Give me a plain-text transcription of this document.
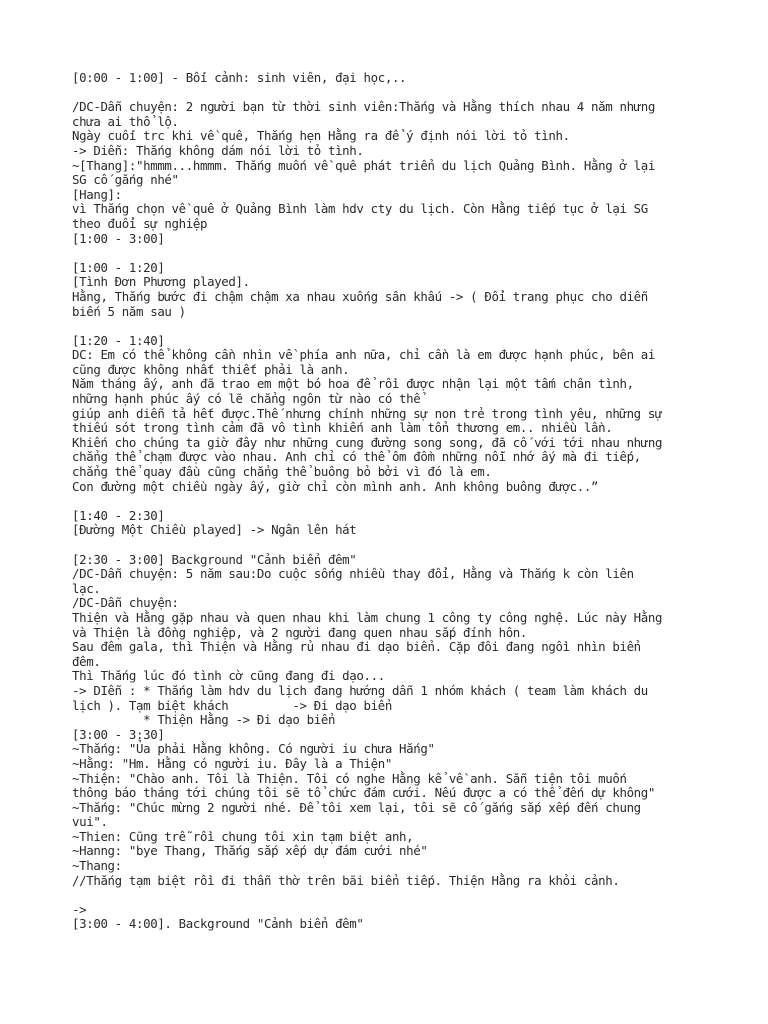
[0:00 - 1:00] - Bối cảnh: sinh viên, đại học,..
/DC-Dẫn chuyện: 2 người bạn từ thời sinh viên:Thắng và Hằng thích nhau 4 năm nhưng
chưa ai thổ lộ.
Ngày cuối trc khi về quê, Thắng hẹn Hằng ra để ý định nói lời tỏ tình.
-> Diễn: Thắng không dám nói lời tỏ tình.
~[Thang]:"hmmm...hmmm. Thắng muốn về quê phát triển du lịch Quảng Bình. Hằng ở lại
SG cố gắng nhé"
[Hang]:
vì Thắng chọn về quê ở Quảng Bình làm hdv cty du lịch. Còn Hằng tiếp tục ở lại SG
theo đuổi sự nghiệp
[1:00 - 3:00]
[1:00 - 1:20]
[Tình Đơn Phương played].
Hằng, Thắng bước đi chậm chậm xa nhau xuống sân khấu -> ( Đổi trang phục cho diễn
biến 5 năm sau )
[1:20 - 1:40]
DC: Em có thể không cần nhìn về phía anh nữa, chỉ cần là em được hạnh phúc, bên ai
cũng được không nhất thiết phải là anh.
Năm tháng ấy, anh đã trao em một bó hoa để rồi được nhận lại một tấm chân tình,
những hạnh phúc ấy có lẽ chẳng ngôn từ nào có thể
giúp anh diễn tả hết được.Thế nhưng chính những sự non trẻ trong tình yêu, những sự
thiếu sót trong tình cảm đã vô tình khiến anh làm tổn thương em.. nhiều lần.
Khiến cho chúng ta giờ đây như những cung đường song song, đã cố với tới nhau nhưng
chẳng thể chạm được vào nhau. Anh chỉ có thể ôm đồm những nỗi nhớ ấy mà đi tiếp,
chẳng thể quay đầu cũng chẳng thể buông bỏ bởi vì đó là em.
Con đường một chiều ngày ấy, giờ chỉ còn mình anh. Anh không buông được..”
[1:40 - 2:30]
[Đường Một Chiều played] -> Ngân lên hát
[2:30 - 3:00] Background "Cảnh biển đêm"
/DC-Dẫn chuyện: 5 năm sau:Do cuộc sống nhiều thay đổi, Hằng và Thắng k còn liên
lạc.
/DC-Dẫn chuyện:
Thiện và Hằng gặp nhau và quen nhau khi làm chung 1 công ty công nghệ. Lúc này Hằng
và Thiện là đồng nghiệp, và 2 người đang quen nhau sắp đính hôn.
Sau đêm gala, thì Thiện và Hằng rủ nhau đi dạo biển. Cặp đôi đang ngồi nhìn biển
đêm.
Thì Thắng lúc đó tình cờ cũng đang đi dạo...
-> DIễn : * Thắng làm hdv du lịch đang hướng dẫn 1 nhóm khách ( team làm khách du
lịch ). Tạm biệt khách         -> Đi dạo biển
* Thiện Hằng -> Đi dạo biển
[3:00 - 3:30]
~Thắng: "Ủa phải Hằng không. Có người iu chưa Hắng"
~Hằng: "Hm. Hằng có người iu. Đây là a Thiện"
~Thiện: "Chào anh. Tôi là Thiện. Tôi có nghe Hằng kể về anh. Sẵn tiện tôi muốn
thông báo tháng tới chúng tôi sẽ tổ chức đám cưới. Nếu được a có thể đến dự không"
~Thắng: "Chúc mừng 2 người nhé. Để tôi xem lại, tôi sẽ cố gắng sắp xếp đến chung
vui".
~Thien: Cũng trễ rồi chung tôi xin tạm biệt anh,
~Hanng: "bye Thang, Thắng sắp xếp dự đám cưới nhé"
~Thang:
//Thắng tạm biệt rồi đi thẫn thờ trên bãi biển tiếp. Thiện Hằng ra khỏi cảnh.
->
[3:00 - 4:00]. Background "Cảnh biển đêm"
